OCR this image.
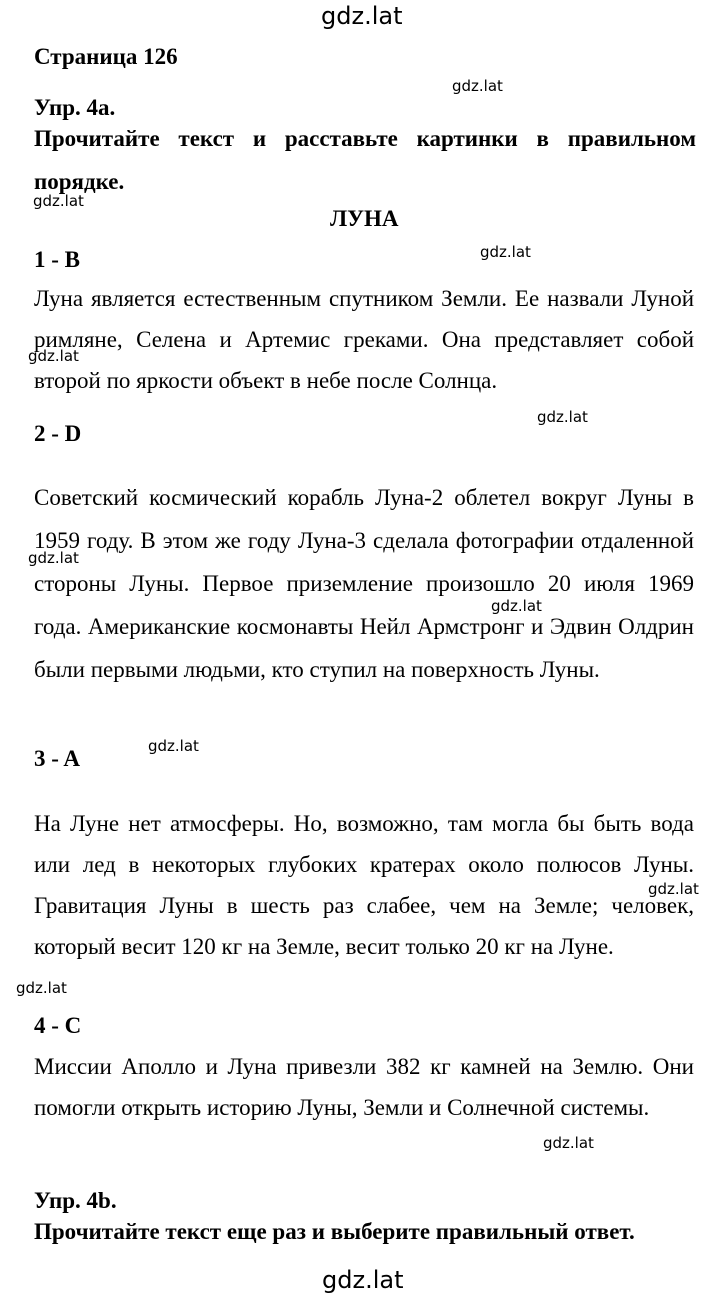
gdz.lat
Страница 126
gdz.lat
Упр. 4а.
Прочитайте текст и расставьте картинки в правильном порядке.
gdz.lat
ЛУНА
1 - В	gdz.lat
Луна является естественным спутником Земли. Ее назвали Луной римляне, Селена и Артемис греками. Она представляет собой второй по яркости объект в небе после Солнца.
gdz.lat
gdz.lat
2 - D
Советский космический корабль Луна-2 облетел вокруг Луны в 1959 году. В этом же году Луна-3 сделала фотографии отдаленной стороны Луны. Первое приземление произошло 20 июля 1969 года. Американские космонавты Нейл Армстронг и Эдвин Олдрин были первыми людьми, кто ступил на поверхность Луны.
gdz.lat
gdz.lat
gdz.lat
3 - A
На Луне нет атмосферы. Но, возможно, там могла бы быть вода или лед в некоторых глубоких кратерах около полюсов Луны. Гравитация Луны в шесть раз слабее, чем на Земле; человек, который весит 120 кг на Земле, весит только 20 кг на Луне.
gdz.lat
gdz.lat
4 - C
Миссии Аполло и Луна привезли 382 кг камней на Землю. Они помогли открыть историю Луны, Земли и Солнечной системы.
gdz.lat
Упр. 4b.
Прочитайте текст еще раз и выберите правильный ответ.
gdz.lat
